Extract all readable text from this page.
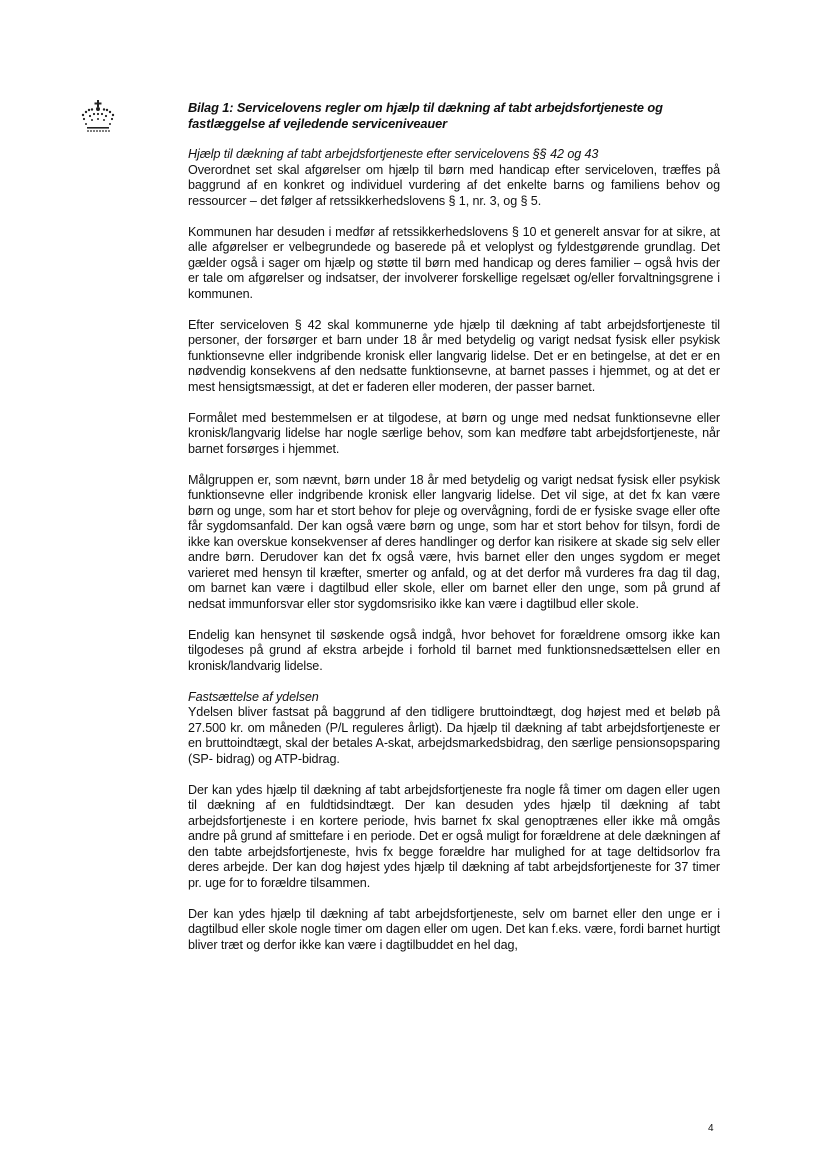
Bilag 1: Servicelovens regler om hjælp til dækning af tabt arbejdsfortjeneste og
fastlæggelse af vejledende serviceniveauer
Hjælp til dækning af tabt arbejdsfortjeneste efter servicelovens §§ 42 og 43

Overordnet set skal afgørelser om hjælp til børn med handicap efter serviceloven, træffes på baggrund af en konkret og individuel vurdering af det enkelte barns og familiens behov og ressourcer – det følger af retssikkerhedslovens § 1, nr. 3, og § 5.

Kommunen har desuden i medfør af retssikkerhedslovens § 10 et generelt ansvar for at sikre, at alle afgørelser er velbegrundede og baserede på et veloplyst og fyldestgørende grundlag. Det gælder også i sager om hjælp og støtte til børn med handicap og deres familier – også hvis der er tale om afgørelser og indsatser, der involverer forskellige regelsæt og/eller forvaltningsgrene i kommunen.

Efter serviceloven § 42 skal kommunerne yde hjælp til dækning af tabt arbejdsfortjeneste til personer, der forsørger et barn under 18 år med betydelig og varigt nedsat fysisk eller psykisk funktionsevne eller indgribende kronisk eller langvarig lidelse. Det er en betingelse, at det er en nødvendig konsekvens af den nedsatte funktionsevne, at barnet passes i hjemmet, og at det er mest hensigtsmæssigt, at det er faderen eller moderen, der passer barnet.

Formålet med bestemmelsen er at tilgodese, at børn og unge med nedsat funktionsevne eller kronisk/langvarig lidelse har nogle særlige behov, som kan medføre tabt arbejdsfortjeneste, når barnet forsørges i hjemmet.

Målgruppen er, som nævnt, børn under 18 år med betydelig og varigt nedsat fysisk eller psykisk funktionsevne eller indgribende kronisk eller langvarig lidelse. Det vil sige, at det fx kan være børn og unge, som har et stort behov for pleje og overvågning, fordi de er fysiske svage eller ofte får sygdomsanfald. Der kan også være børn og unge, som har et stort behov for tilsyn, fordi de ikke kan overskue konsekvenser af deres handlinger og derfor kan risikere at skade sig selv eller andre børn. Derudover kan det fx også være, hvis barnet eller den unges sygdom er meget varieret med hensyn til kræfter, smerter og anfald, og at det derfor må vurderes fra dag til dag, om barnet kan være i dagtilbud eller skole, eller om barnet eller den unge, som på grund af nedsat immunforsvar eller stor sygdomsrisiko ikke kan være i dagtilbud eller skole.

Endelig kan hensynet til søskende også indgå, hvor behovet for forældrene omsorg ikke kan tilgodeses på grund af ekstra arbejde i forhold til barnet med funktionsnedsættelsen eller en kronisk/landvarig lidelse.

Fastsættelse af ydelsen

Ydelsen bliver fastsat på baggrund af den tidligere bruttoindtægt, dog højest med et beløb på 27.500 kr. om måneden (P/L reguleres årligt). Da hjælp til dækning af tabt arbejdsfortjeneste er en bruttoindtægt, skal der betales A-skat, arbejdsmarkedsbidrag, den særlige pensionsopsparing (SP- bidrag) og ATP-bidrag.

Der kan ydes hjælp til dækning af tabt arbejdsfortjeneste fra nogle få timer om dagen eller ugen til dækning af en fuldtidsindtægt. Der kan desuden ydes hjælp til dækning af tabt arbejdsfortjeneste i en kortere periode, hvis barnet fx skal genoptrænes eller ikke må omgås andre på grund af smittefare i en periode. Det er også muligt for forældrene at dele dækningen af den tabte arbejdsfortjeneste, hvis fx begge forældre har mulighed for at tage deltidsorlov fra deres arbejde. Der kan dog højest ydes hjælp til dækning af tabt arbejdsfortjeneste for 37 timer pr. uge for to forældre tilsammen.

Der kan ydes hjælp til dækning af tabt arbejdsfortjeneste, selv om barnet eller den unge er i dagtilbud eller skole nogle timer om dagen eller om ugen. Det kan f.eks. være, fordi barnet hurtigt bliver træt og derfor ikke kan være i dagtilbuddet en hel dag,

4
